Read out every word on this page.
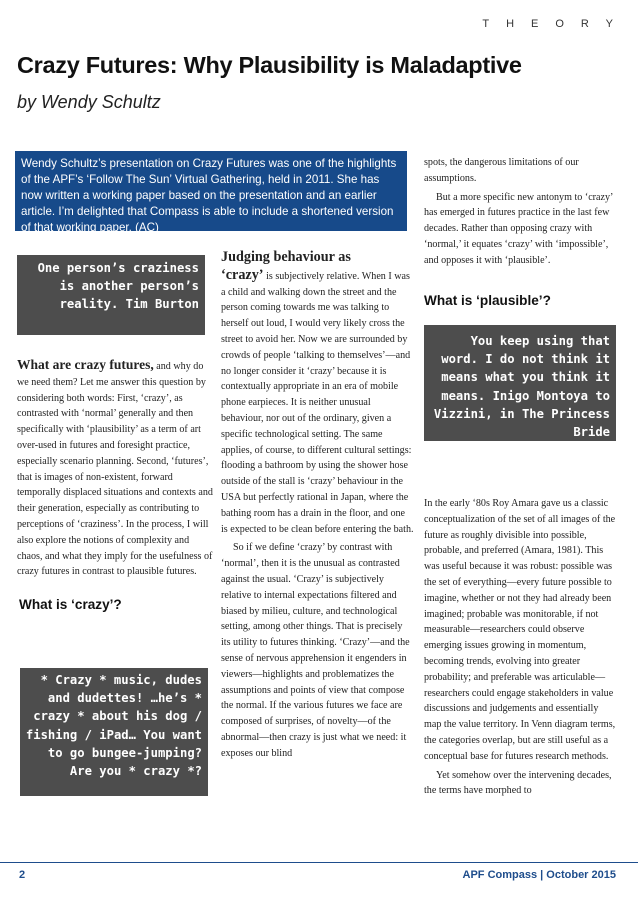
THEORY
Crazy Futures: Why Plausibility is Maladaptive
by Wendy Schultz
Wendy Schultz’s presentation on Crazy Futures was one of the highlights of the APF’s ‘Follow The Sun’ Virtual Gathering, held in 2011. She has now written a working paper based on the presentation and an earlier article. I’m delighted that Compass is able to include a shortened version of that working paper. (AC)
One person’s craziness is another person’s reality. Tim Burton

What are crazy futures, and why do we need them? Let me answer this question by considering both words: First, ‘crazy’, as contrasted with ‘normal’ generally and then specifically with ‘plausibility’ as a term of art over-used in futures and foresight practice, especially scenario planning. Second, ‘futures’, that is images of non-existent, forward temporally displaced situations and contexts and their generation, especially as contributing to perceptions of ‘craziness’. In the process, I will also explore the notions of complexity and chaos, and what they imply for the usefulness of crazy futures in contrast to plausible futures.

What is ‘crazy’?
* Crazy * music, dudes and dudettes! …he’s * crazy * about his dog / fishing / iPad… You want to go bungee-jumping? Are you * crazy *?

Judging behaviour as
‘crazy’ is subjectively relative. When I was a child and walking down the street and the person coming towards me was talking to herself out loud, I would very likely cross the street to avoid her. Now we are surrounded by crowds of people ‘talking to themselves’—and no longer consider it ‘crazy’ because it is contextually appropriate in an era of mobile phone earpieces. It is neither unusual behaviour, nor out of the ordinary, given a specific technological setting. The same applies, of course, to different cultural settings: flooding a bathroom by using the shower hose outside of the stall is ‘crazy’ behaviour in the USA but perfectly rational in Japan, where the bathing room has a drain in the floor, and one is expected to be clean before entering the bath.

So if we define ‘crazy’ by contrast with ‘normal’, then it is the unusual as contrasted against the usual. ‘Crazy’ is subjectively relative to internal expectations filtered and biased by milieu, culture, and technological setting, among other things. That is precisely its utility to futures thinking. ‘Crazy’—and the sense of nervous apprehension it engenders in viewers—highlights and problematizes the assumptions and points of view that compose the normal. If the various futures we face are composed of surprises, of novelty—of the abnormal—then crazy is just what we need: it exposes our blind

spots, the dangerous limitations of our assumptions.

But a more specific new antonym to ‘crazy’ has emerged in futures practice in the last few decades. Rather than opposing crazy with ‘normal,’ it equates ‘crazy’ with ‘impossible’, and opposes it with ‘plausible’.

What is ‘plausible’?
You keep using that word. I do not think it means what you think it means. Inigo Montoya to Vizzini, in The Princess Bride

In the early ‘80s Roy Amara gave us a classic conceptualization of the set of all images of the future as roughly divisible into possible, probable, and preferred (Amara, 1981). This was useful because it was robust: possible was the set of everything—every future possible to imagine, whether or not they had already been imagined; probable was monitorable, if not measurable—researchers could observe emerging issues growing in momentum, becoming trends, evolving into greater probability; and preferable was articulable—researchers could engage stakeholders in value discussions and judgements and essentially map the value territory. In Venn diagram terms, the categories overlap, but are still useful as a conceptual base for futures research methods.

Yet somehow over the intervening decades, the terms have morphed to

2	APF Compass | October 2015
